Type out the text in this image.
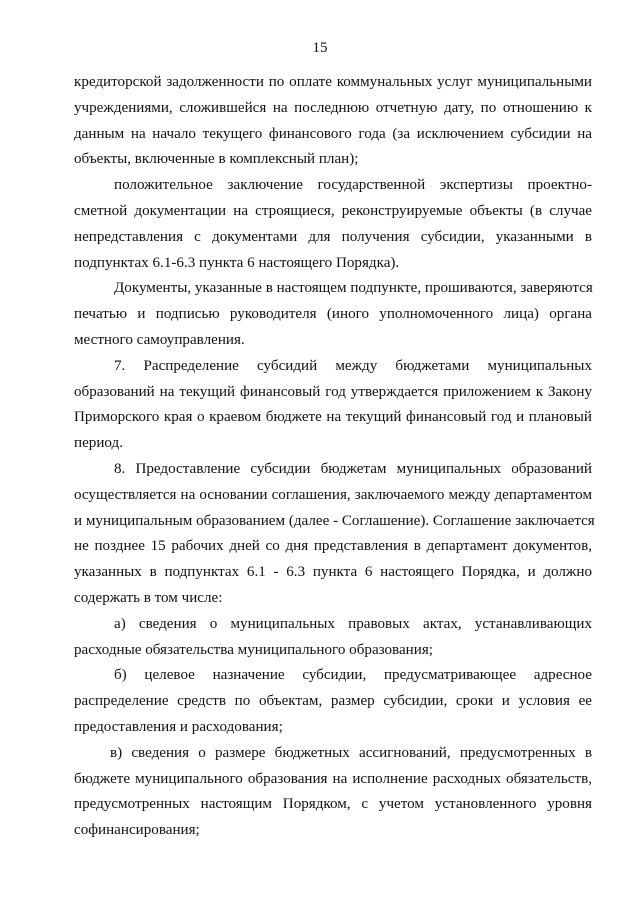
15
кредиторской задолженности по оплате коммунальных услуг муниципальными
учреждениями, сложившейся на последнюю отчетную дату, по отношению к
данным на начало текущего финансового года (за исключением субсидии на
объекты, включенные в комплексный план);
положительное заключение государственной экспертизы проектно-
сметной документации на строящиеся, реконструируемые объекты (в случае
непредставления с документами для получения субсидии, указанными в
подпунктах 6.1-6.3 пункта 6 настоящего Порядка).
Документы, указанные в настоящем подпункте, прошиваются, заверяются
печатью и подписью руководителя (иного уполномоченного лица) органа
местного самоуправления.
7. Распределение субсидий между бюджетами муниципальных
образований на текущий финансовый год утверждается приложением к Закону
Приморского края о краевом бюджете на текущий финансовый год и плановый
период.
8. Предоставление субсидии бюджетам муниципальных образований
осуществляется на основании соглашения, заключаемого между департаментом
и муниципальным образованием (далее - Соглашение). Соглашение заключается
не позднее 15 рабочих дней со дня представления в департамент документов,
указанных в подпунктах 6.1 - 6.3 пункта 6 настоящего Порядка, и должно
содержать в том числе:
а) сведения о муниципальных правовых актах, устанавливающих
расходные обязательства муниципального образования;
б) целевое назначение субсидии, предусматривающее адресное
распределение средств по объектам, размер субсидии, сроки и условия ее
предоставления и расходования;
в) сведения о размере бюджетных ассигнований, предусмотренных в
бюджете муниципального образования на исполнение расходных обязательств,
предусмотренных настоящим Порядком, с учетом установленного уровня
софинансирования;
